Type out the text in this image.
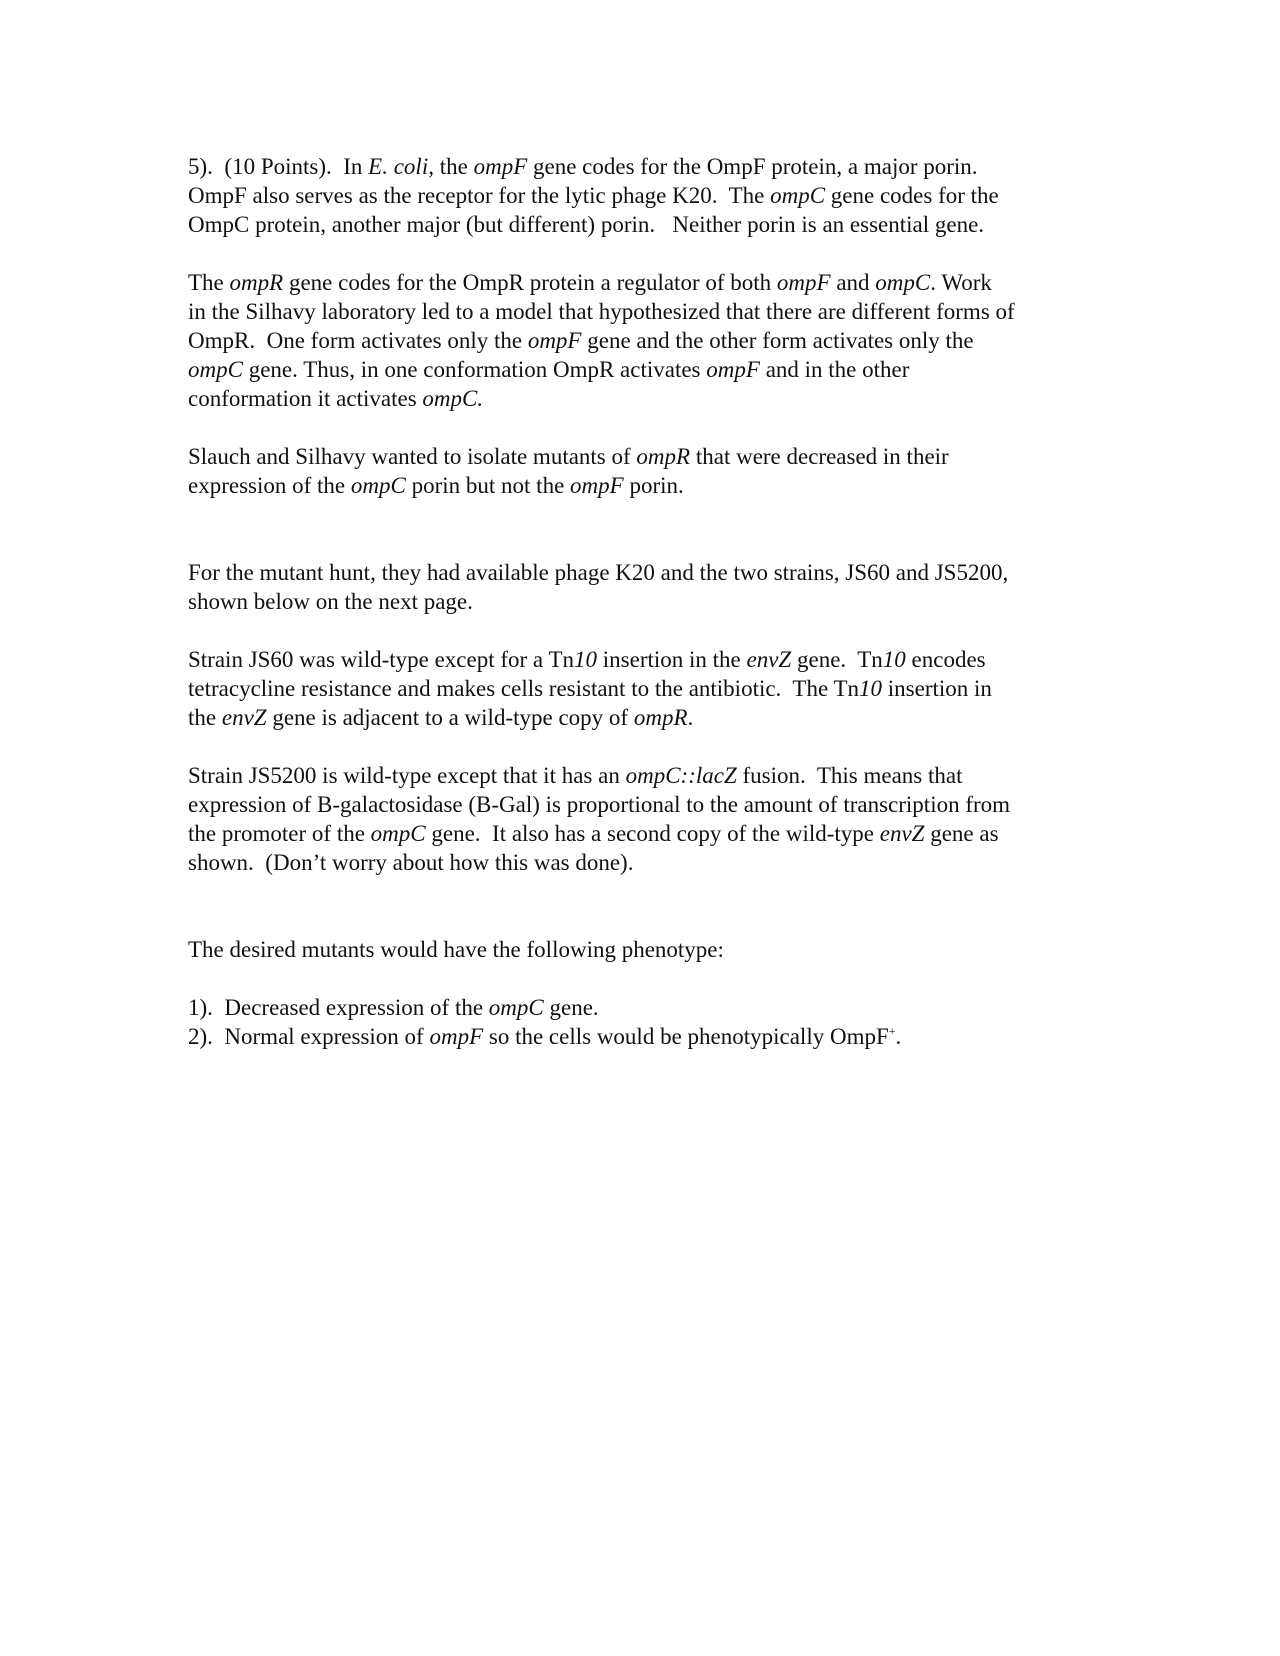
5).  (10 Points).  In E. coli, the ompF gene codes for the OmpF protein, a major porin.
OmpF also serves as the receptor for the lytic phage K20.  The ompC gene codes for the
OmpC protein, another major (but different) porin.   Neither porin is an essential gene.

The ompR gene codes for the OmpR protein a regulator of both ompF and ompC. Work
in the Silhavy laboratory led to a model that hypothesized that there are different forms of
OmpR.  One form activates only the ompF gene and the other form activates only the
ompC gene. Thus, in one conformation OmpR activates ompF and in the other
conformation it activates ompC.

Slauch and Silhavy wanted to isolate mutants of ompR that were decreased in their
expression of the ompC porin but not the ompF porin.

For the mutant hunt, they had available phage K20 and the two strains, JS60 and JS5200,
shown below on the next page.

Strain JS60 was wild-type except for a Tn10 insertion in the envZ gene.  Tn10 encodes
tetracycline resistance and makes cells resistant to the antibiotic.  The Tn10 insertion in
the envZ gene is adjacent to a wild-type copy of ompR.

Strain JS5200 is wild-type except that it has an ompC::lacZ fusion.  This means that
expression of B-galactosidase (B-Gal) is proportional to the amount of transcription from
the promoter of the ompC gene.  It also has a second copy of the wild-type envZ gene as
shown.  (Don’t worry about how this was done).

The desired mutants would have the following phenotype:

1).  Decreased expression of the ompC gene.
2).  Normal expression of ompF so the cells would be phenotypically OmpF+.
